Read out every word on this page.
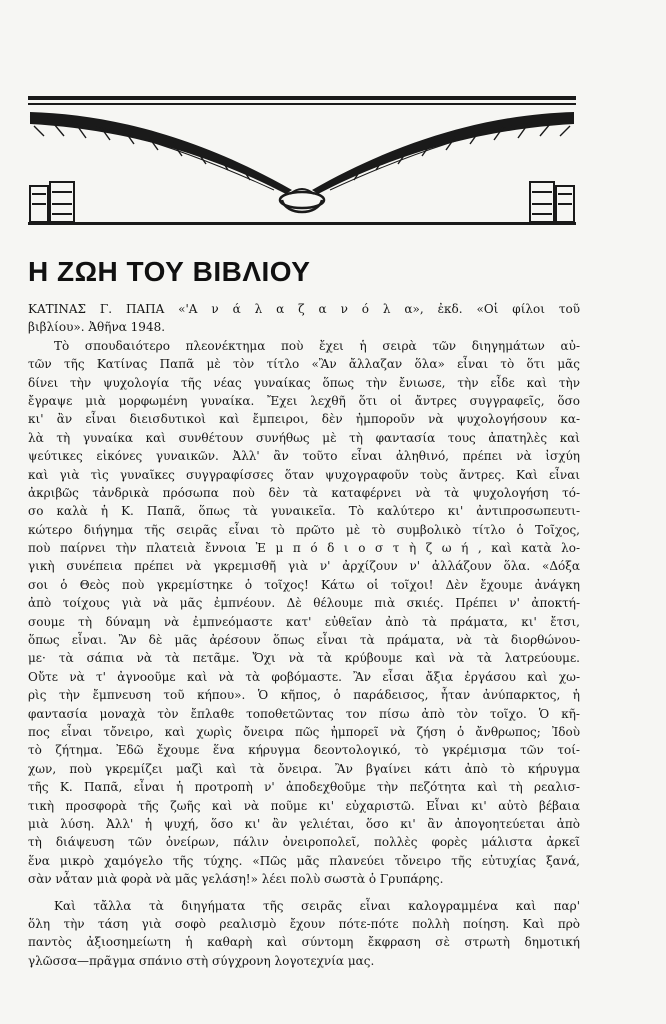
Η ΖΩΗ ΤΟΥ ΒΙΒΛΙΟΥ
ΚΑΤΙΝΑΣ Γ. ΠΑΠΑ «'Α ν ά λ α ζ α ν ό λ α», ἐκδ. «Οἱ φίλοι τοῦ
βιβλίου». Ἀθῆνα 1948.
Τὸ σπουδαιότερο πλεονέκτημα ποὺ ἔχει ἡ σειρὰ τῶν διηγημάτων αὐ-
τῶν τῆς Κατίνας Παπᾶ μὲ τὸν τίτλο «Ἂν ἄλλαζαν ὅλα» εἶναι τὸ ὅτι μᾶς
δίνει τὴν ψυχολογία τῆς νέας γυναίκας ὅπως τὴν ἔνιωσε, τὴν εἶδε καὶ τὴν
ἔγραψε μιὰ μορφωμένη γυναίκα. Ἔχει λεχθῆ ὅτι οἱ ἄντρες συγγραφεῖς, ὅσο
κι' ἂν εἶναι διεισδυτικοὶ καὶ ἔμπειροι, δὲν ἠμποροῦν νὰ ψυχολογήσουν κα-
λὰ τὴ γυναίκα καὶ συνθέτουν συνήθως μὲ τὴ φαντασία τους ἀπατηλὲς καὶ
ψεύτικες εἰκόνες γυναικῶν. Ἀλλ' ἂν τοῦτο εἶναι ἀληθινό, πρέπει νὰ ἰσχύη
καὶ γιὰ τὶς γυναῖκες συγγραφίσσες ὅταν ψυχογραφοῦν τοὺς ἄντρες. Καὶ εἶναι
ἀκριβῶς τἀνδρικὰ πρόσωπα ποὺ δὲν τὰ καταφέρνει νὰ τὰ ψυχολογήση τό-
σο καλὰ ἡ Κ. Παπᾶ, ὅπως τὰ γυναικεῖα. Τὸ καλύτερο κι' ἀντιπροσωπευτι-
κώτερο διήγημα τῆς σειρᾶς εἶναι τὸ πρῶτο μὲ τὸ συμβολικὸ τίτλο ὁ Τοῖχος,
ποὺ παίρνει τὴν πλατειὰ ἔννοια Ἐ μ π ό δ ι ο σ τ ὴ ζ ω ή , καὶ κατὰ λο-
γικὴ συνέπεια πρέπει νὰ γκρεμισθῆ γιὰ ν' ἀρχίζουν ν' ἀλλάζουν ὅλα. «Δόξα
σοι ὁ Θεὸς ποὺ γκρεμίστηκε ὁ τοῖχος! Κάτω οἱ τοῖχοι! Δὲν ἔχουμε ἀνάγκη
ἀπὸ τοίχους γιὰ νὰ μᾶς ἐμπνέουν. Δὲ θέλουμε πιὰ σκιές. Πρέπει ν' ἀποκτή-
σουμε τὴ δύναμη νὰ ἐμπνεόμαστε κατ' εὐθεῖαν ἀπὸ τὰ πράματα, κι' ἔτσι,
ὅπως εἶναι. Ἂν δὲ μᾶς ἀρέσουν ὅπως εἶναι τὰ πράματα, νὰ τὰ διορθώνου-
με· τὰ σάπια νὰ τὰ πετᾶμε. Ὄχι νὰ τὰ κρύβουμε καὶ νὰ τὰ λατρεύουμε.
Οὔτε νὰ τ' ἀγνοοῦμε καὶ νὰ τὰ φοβόμαστε. Ἂν εἶσαι ἄξια ἐργάσου καὶ χω-
ρὶς τὴν ἔμπνευση τοῦ κήπου». Ὁ κῆπος, ὁ παράδεισος, ἦταν ἀνύπαρκτος, ἡ
φαντασία μοναχὰ τὸν ἔπλαθε τοποθετῶντας τον πίσω ἀπὸ τὸν τοῖχο. Ὁ κῆ-
πος εἶναι τὄνειρο, καὶ χωρὶς ὄνειρα πῶς ἠμπορεῖ νὰ ζήση ὁ ἄνθρωπος; Ἰδοὺ
τὸ ζήτημα. Ἐδῶ ἔχουμε ἕνα κήρυγμα δεοντολογικό, τὸ γκρέμισμα τῶν τοί-
χων, ποὺ γκρεμίζει μαζὶ καὶ τὰ ὄνειρα. Ἂν βγαίνει κάτι ἀπὸ τὸ κήρυγμα
τῆς Κ. Παπᾶ, εἶναι ἡ προτροπὴ ν' ἀποδεχθοῦμε τὴν πεζότητα καὶ τὴ ρεαλισ-
τικὴ προσφορὰ τῆς ζωῆς καὶ νὰ ποῦμε κι' εὐχαριστῶ. Εἶναι κι' αὐτὸ βέβαια
μιὰ λύση. Ἀλλ' ἡ ψυχή, ὅσο κι' ἂν γελιέται, ὅσο κι' ἂν ἀπογοητεύεται ἀπὸ
τὴ διάψευση τῶν ὀνείρων, πάλιν ὀνειροπολεῖ, πολλὲς φορὲς μάλιστα ἀρκεῖ
ἕνα μικρὸ χαμόγελο τῆς τύχης. «Πῶς μᾶς πλανεύει τὄνειρο τῆς εὐτυχίας ξανά,
σὰν νἆταν μιὰ φορὰ νὰ μᾶς γελάση!» λέει πολὺ σωστὰ ὁ Γρυπάρης.
Καὶ τἄλλα τὰ διηγήματα τῆς σειρᾶς εἶναι καλογραμμένα καὶ παρ'
ὅλη τὴν τάση γιὰ σοφὸ ρεαλισμὸ ἔχουν πότε-πότε πολλὴ ποίηση. Καὶ πρὸ
παντὸς ἀξιοσημείωτη ἡ καθαρὴ καὶ σύντομη ἔκφραση σὲ στρωτὴ δημοτική
γλῶσσα—πρᾶγμα σπάνιο στὴ σύγχρονη λογοτεχνία μας.
